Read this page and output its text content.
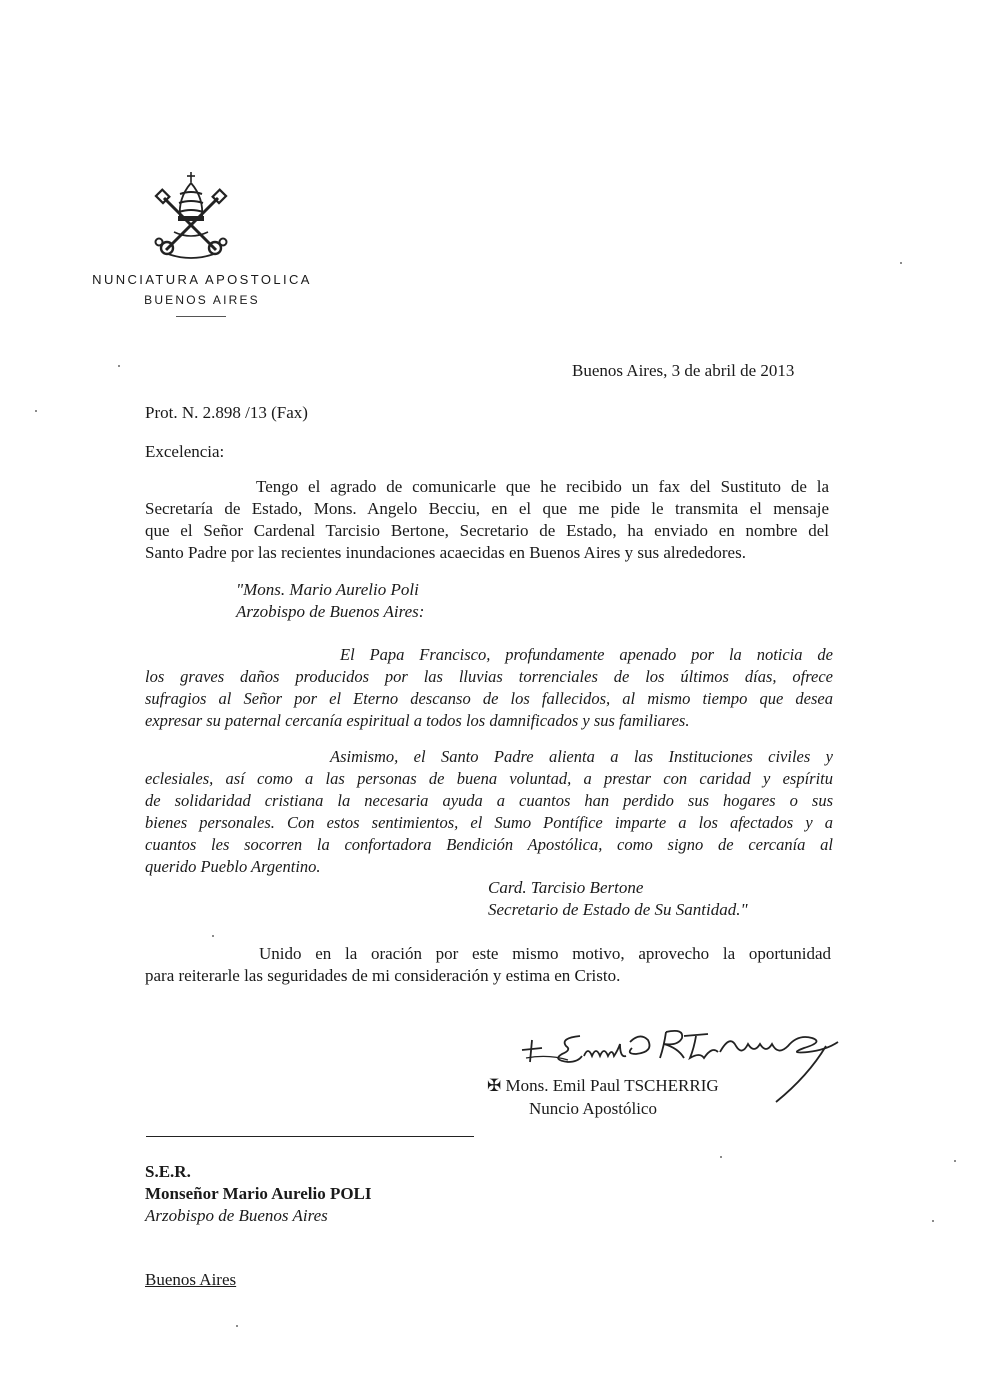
NUNCIATURA APOSTOLICA
BUENOS AIRES
Buenos Aires, 3 de abril de 2013
Prot. N. 2.898 /13 (Fax)
Excelencia:
Tengo el agrado de comunicarle que he recibido un fax del Sustituto de la
Secretaría de Estado, Mons. Angelo Becciu, en el que me pide le transmita el mensaje
que el Señor Cardenal Tarcisio Bertone, Secretario de Estado, ha enviado en nombre del
Santo Padre por las recientes inundaciones acaecidas en Buenos Aires y sus alrededores.
"Mons. Mario Aurelio Poli
Arzobispo de Buenos Aires:
El Papa Francisco, profundamente apenado por la noticia de
los graves daños producidos por las lluvias torrenciales de los últimos días, ofrece
sufragios al Señor por el Eterno descanso de los fallecidos, al mismo tiempo que desea
expresar su paternal cercanía espiritual a todos los damnificados y sus familiares.
Asimismo, el Santo Padre alienta a las Instituciones civiles y
eclesiales, así como a las personas de buena voluntad, a prestar con caridad y espíritu
de solidaridad cristiana la necesaria ayuda a cuantos han perdido sus hogares o sus
bienes personales. Con estos sentimientos, el Sumo Pontífice imparte a los afectados y a
cuantos les socorren la confortadora Bendición Apostólica, como signo de cercanía al
querido Pueblo Argentino.
Card. Tarcisio Bertone
Secretario de Estado de Su Santidad."
Unido en la oración por este mismo motivo, aprovecho la oportunidad
para reiterarle las seguridades de mi consideración y estima en Cristo.
✠ Mons. Emil Paul TSCHERRIG
Nuncio Apostólico
S.E.R.
Monseñor Mario Aurelio POLI
Arzobispo de Buenos Aires
Buenos Aires
